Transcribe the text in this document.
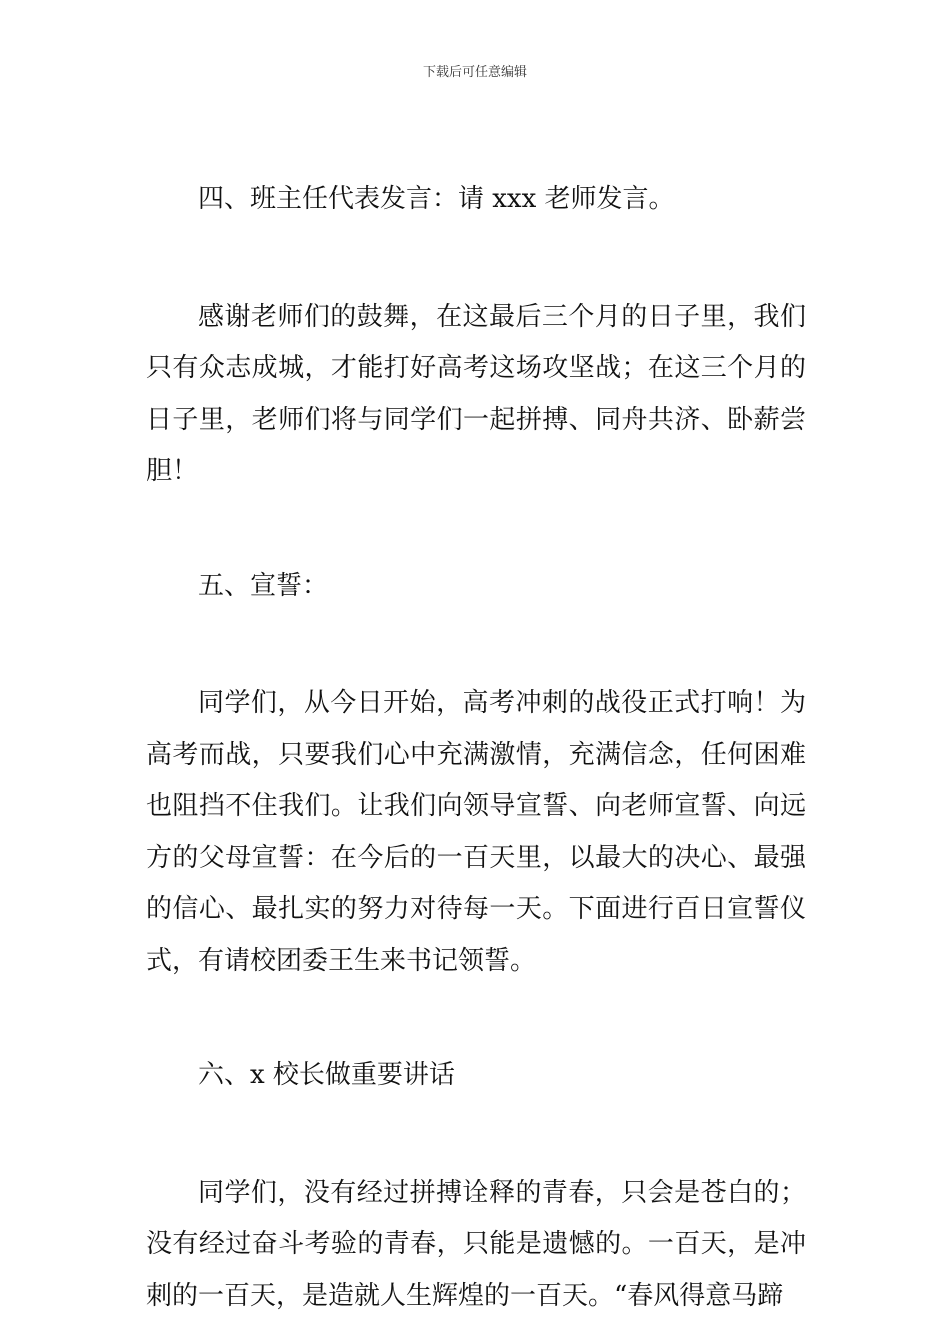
下载后可任意编辑

四、班主任代表发言：请 xxx 老师发言。

感谢老师们的鼓舞，在这最后三个月的日子里，我们只有众志成城，才能打好高考这场攻坚战；在这三个月的日子里，老师们将与同学们一起拼搏、同舟共济、卧薪尝胆！

五、宣誓：

同学们，从今日开始，高考冲刺的战役正式打响！为高考而战，只要我们心中充满激情，充满信念，任何困难也阻挡不住我们。让我们向领导宣誓、向老师宣誓、向远方的父母宣誓：在今后的一百天里，以最大的决心、最强的信心、最扎实的努力对待每一天。下面进行百日宣誓仪式，有请校团委王生来书记领誓。

六、x 校长做重要讲话

同学们，没有经过拼搏诠释的青春，只会是苍白的；没有经过奋斗考验的青春，只能是遗憾的。一百天，是冲刺的一百天，是造就人生辉煌的一百天。“春风得意马蹄
